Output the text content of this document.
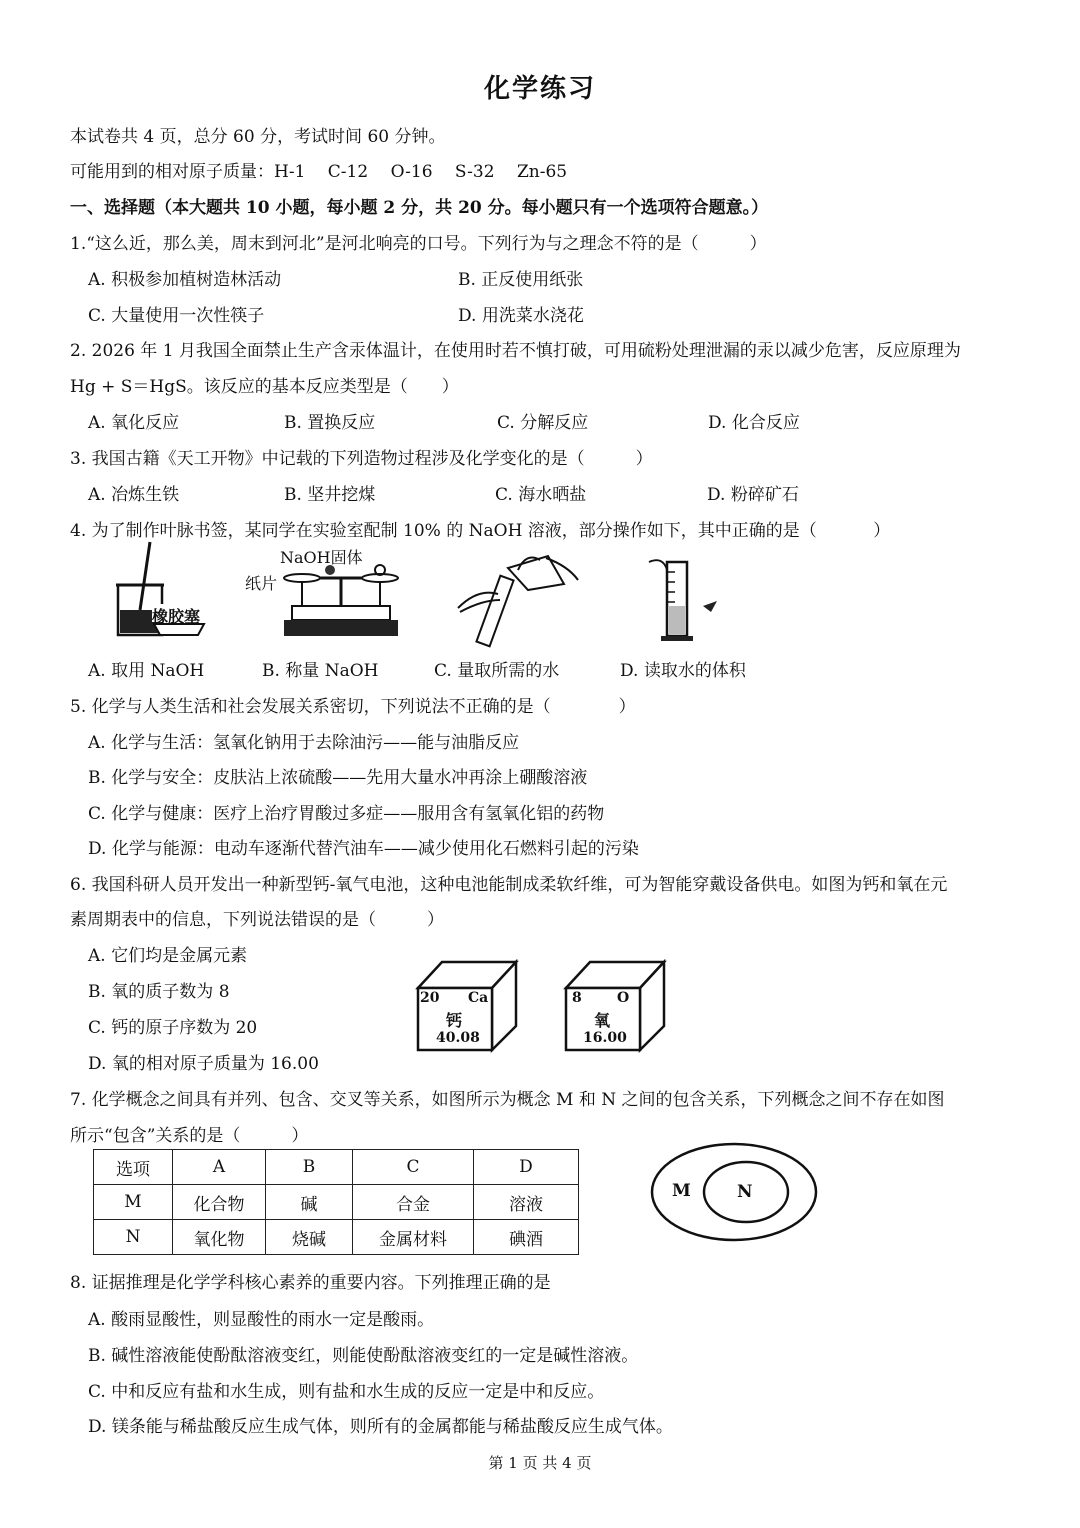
化学练习
本试卷共 4 页，总分 60 分，考试时间 60 分钟。
可能用到的相对原子质量：H-1　 C-12　 O-16　 S-32　 Zn-65
一、选择题（本大题共 10 小题，每小题 2 分，共 20 分。每小题只有一个选项符合题意。）
1.“这么近，那么美，周末到河北”是河北响亮的口号。下列行为与之理念不符的是（　　　）
A. 积极参加植树造林活动	B. 正反使用纸张
C. 大量使用一次性筷子	D. 用洗菜水浇花
2. 2026 年 1 月我国全面禁止生产含汞体温计，在使用时若不慎打破，可用硫粉处理泄漏的汞以减少危害，反应原理为
Hg + S＝HgS。该反应的基本反应类型是（　　）
A. 氧化反应	B. 置换反应	C. 分解反应	D. 化合反应
3. 我国古籍《天工开物》中记载的下列造物过程涉及化学变化的是（　　　）
A. 冶炼生铁	B. 坚井挖煤	C. 海水晒盐	D. 粉碎矿石
4. 为了制作叶脉书签，某同学在实验室配制 10% 的 NaOH 溶液，部分操作如下，其中正确的是（　　　 ）
橡胶塞
NaOH固体
纸片
A. 取用 NaOH	B. 称量 NaOH	C. 量取所需的水	D. 读取水的体积
5. 化学与人类生活和社会发展关系密切，下列说法不正确的是（　　　　）
A. 化学与生活：氢氧化钠用于去除油污——能与油脂反应
B. 化学与安全：皮肤沾上浓硫酸——先用大量水冲再涂上硼酸溶液
C. 化学与健康：医疗上治疗胃酸过多症——服用含有氢氧化铝的药物
D. 化学与能源：电动车逐渐代替汽油车——减少使用化石燃料引起的污染
6. 我国科研人员开发出一种新型钙-氧气电池，这种电池能制成柔软纤维，可为智能穿戴设备供电。如图为钙和氧在元
素周期表中的信息，下列说法错误的是（　　　）
A. 它们均是金属元素
B. 氧的质子数为 8
C. 钙的原子序数为 20
D. 氧的相对原子质量为 16.00
20 Ca
钙
40.08
8	O
氧
16.00
7. 化学概念之间具有并列、包含、交叉等关系，如图所示为概念 M 和 N 之间的包含关系，下列概念之间不存在如图
所示“包含”关系的是（　　　）
选项	A	B	C	D
M	化合物	碱	合金	溶液
N	氧化物	烧碱	金属材料	碘酒
M	N
8. 证据推理是化学学科核心素养的重要内容。下列推理正确的是
A. 酸雨显酸性，则显酸性的雨水一定是酸雨。
B. 碱性溶液能使酚酞溶液变红，则能使酚酞溶液变红的一定是碱性溶液。
C. 中和反应有盐和水生成，则有盐和水生成的反应一定是中和反应。
D. 镁条能与稀盐酸反应生成气体，则所有的金属都能与稀盐酸反应生成气体。
第 1 页 共 4 页
